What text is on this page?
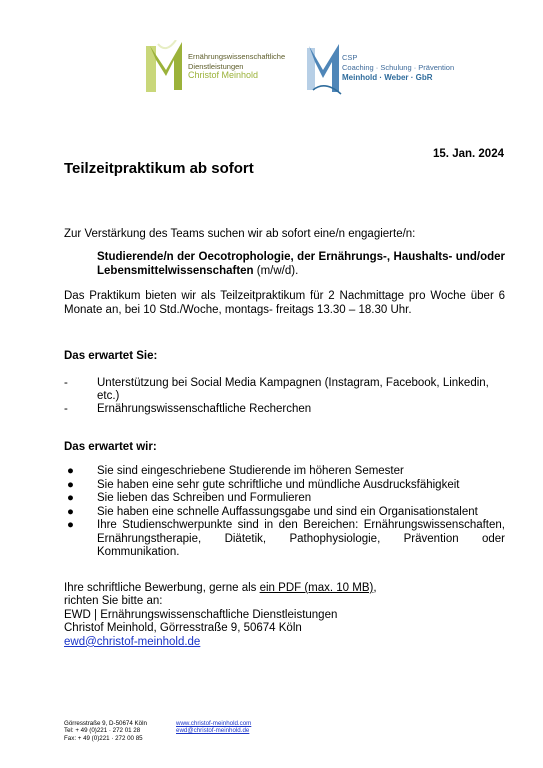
Ernährungswissenschaftliche
Dienstleistungen
Christof Meinhold
CSP
Coaching · Schulung · Prävention
Meinhold · Weber · GbR
15. Jan. 2024
Teilzeitpraktikum ab sofort
Zur Verstärkung des Teams suchen wir ab sofort eine/n engagierte/n:
Studierende/n der Oecotrophologie, der Ernährungs-, Haushalts- und/oder Lebensmittelwissenschaften (m/w/d).
Das Praktikum bieten wir als Teilzeitpraktikum für 2 Nachmittage pro Woche über 6 Monate an, bei 10 Std./Woche, montags- freitags 13.30 – 18.30 Uhr.
Das erwartet Sie:
-	Unterstützung bei Social Media Kampagnen (Instagram, Facebook, Linkedin, etc.)
-	Ernährungswissenschaftliche Recherchen
Das erwartet wir:
● Sie sind eingeschriebene Studierende im höheren Semester
● Sie haben eine sehr gute schriftliche und mündliche Ausdrucksfähigkeit
● Sie lieben das Schreiben und Formulieren
● Sie haben eine schnelle Auffassungsgabe und sind ein Organisationstalent
● Ihre Studienschwerpunkte sind in den Bereichen: Ernährungswissenschaften, Ernährungstherapie, Diätetik, Pathophysiologie, Prävention oder Kommunikation.
Ihre schriftliche Bewerbung, gerne als ein PDF (max. 10 MB),
richten Sie bitte an:
EWD | Ernährungswissenschaftliche Dienstleistungen
Christof Meinhold, Görresstraße 9, 50674 Köln
ewd@christof-meinhold.de
Görresstraße 9, D-50674 Köln
Tel: + 49 (0)221 · 272 01 28
Fax: + 49 (0)221 · 272 00 85
www.christof-meinhold.com
ewd@christof-meinhold.de
